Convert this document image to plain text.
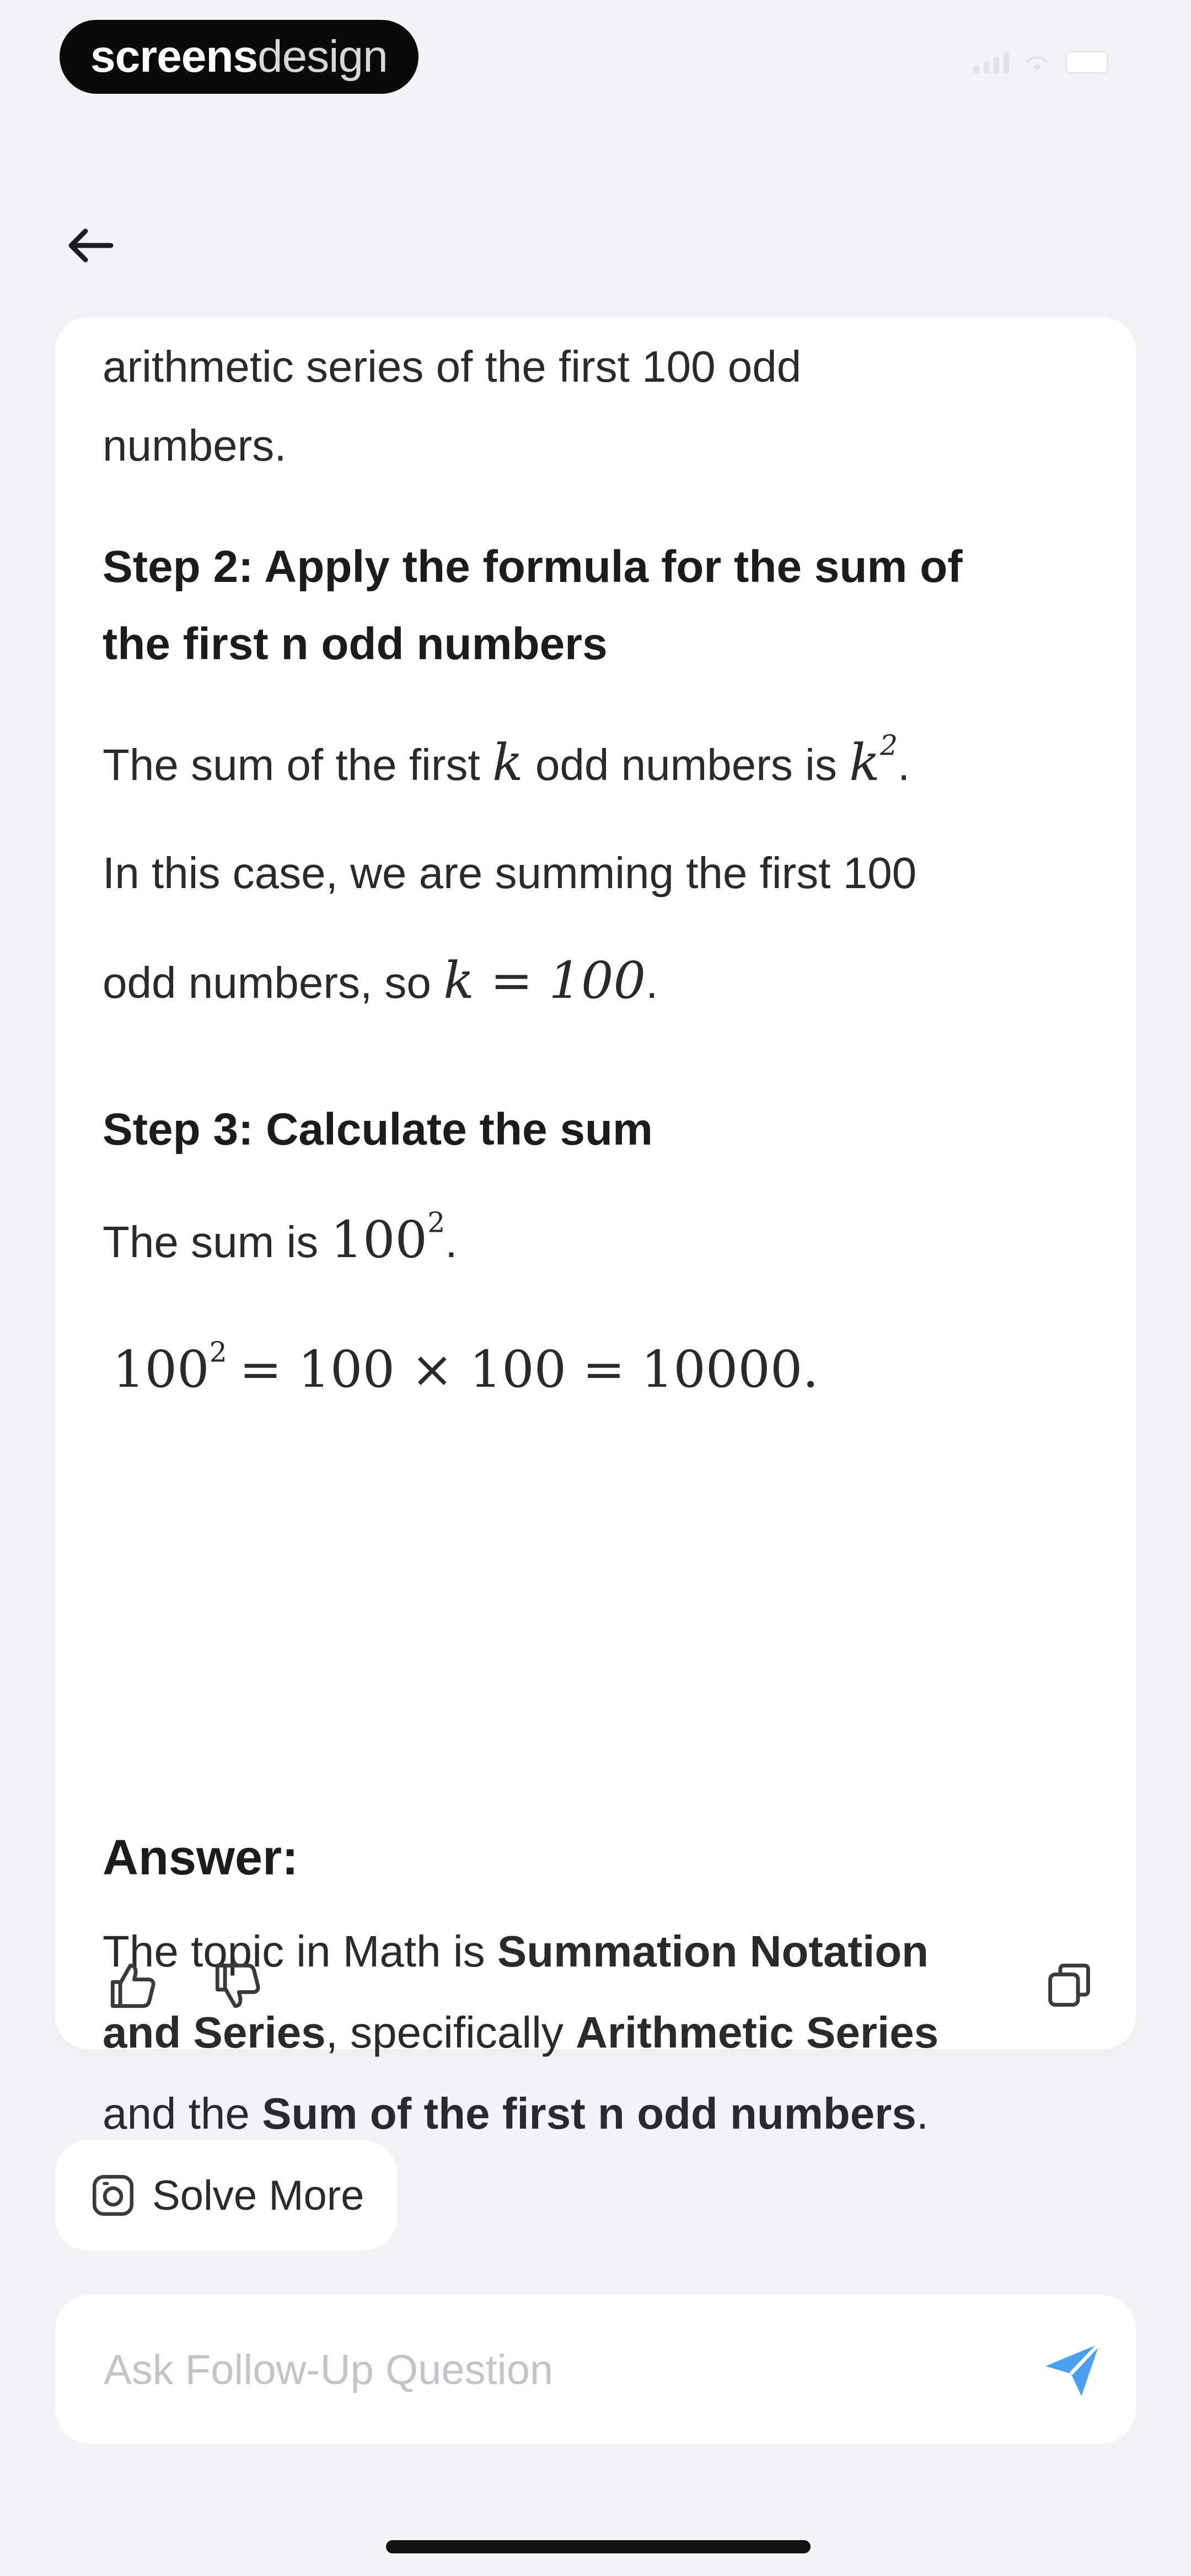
screensdesign
arithmetic series of the first 100 odd
numbers.
Step 2: Apply the formula for the sum of
the first n odd numbers
The sum of the first k odd numbers is $k^2$.
In this case, we are summing the first 100
odd numbers, so k = 100.
Step 3: Calculate the sum
The sum is $100^2$.
$100^2 = 100 \times 100 = 10000$.
Answer:
The topic in Math is Summation Notation
and Series, specifically Arithmetic Series
and the Sum of the first n odd numbers.
Solve More
Ask Follow-Up Question
